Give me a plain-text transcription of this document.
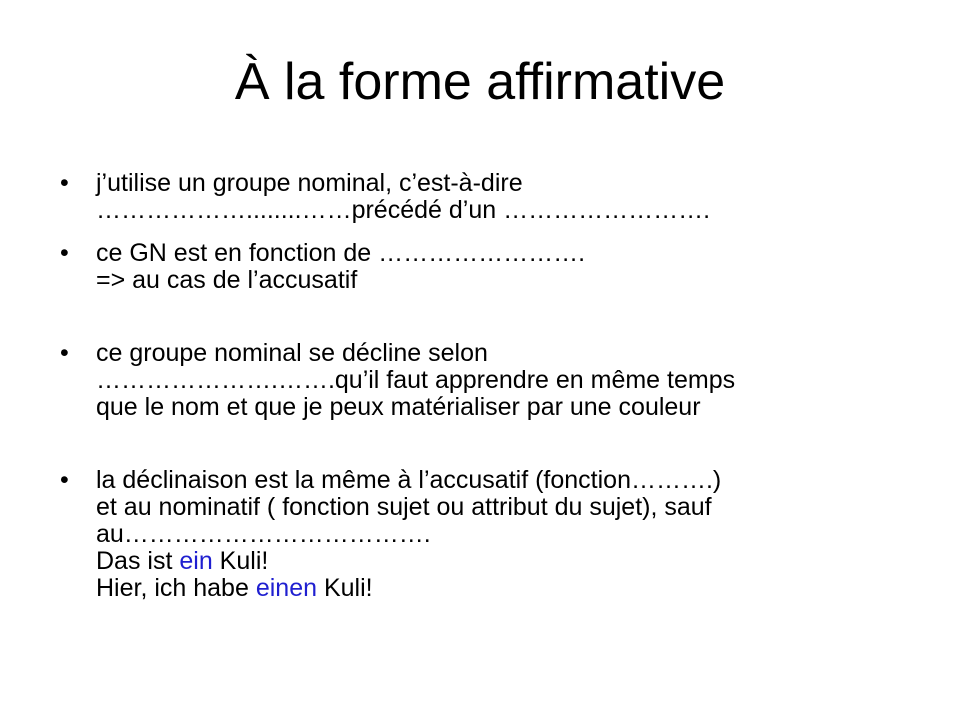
À la forme affirmative
• j’utilise un groupe nominal, c’est-à-dire
………………........……précédé d’un …………………….
• ce GN est en fonction de …………………….
=> au cas de l’accusatif
• ce groupe nominal se décline selon
………………….…….qu’il faut apprendre en même temps
que le nom et que je peux matérialiser par une couleur
• la déclinaison est la même à l’accusatif (fonction……….)
et au nominatif ( fonction sujet ou attribut du sujet), sauf
au……………………………….
Das ist ein Kuli!
Hier, ich habe einen Kuli!
